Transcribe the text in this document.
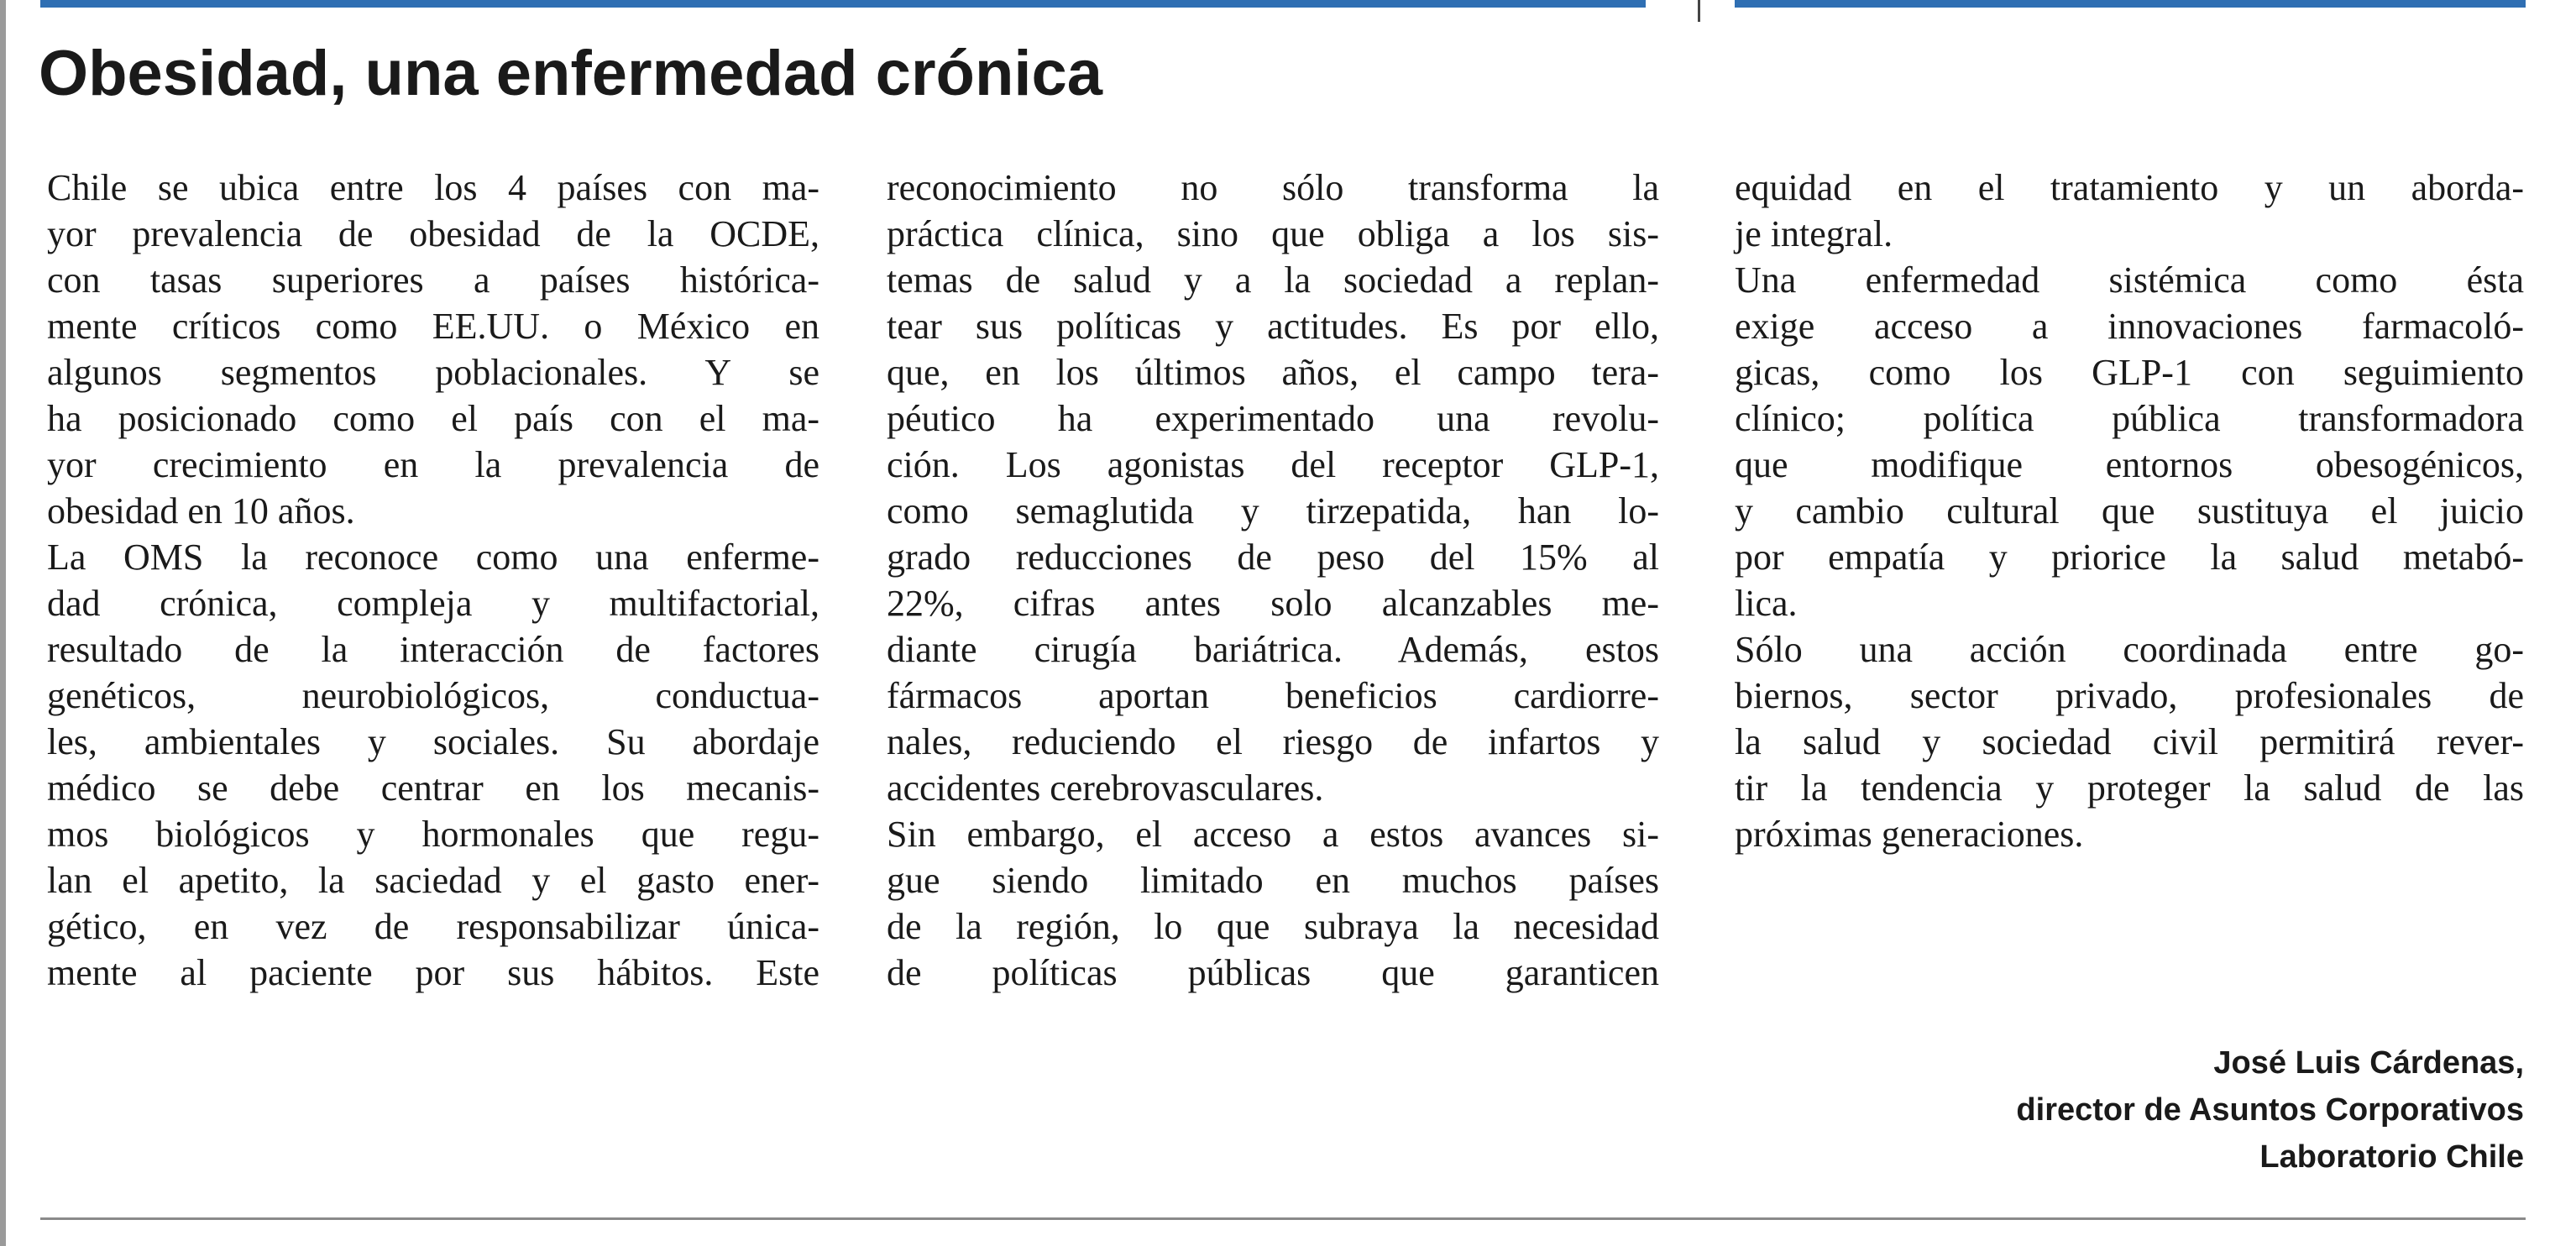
Obesidad, una enfermedad crónica
Chile se ubica entre los 4 países con ma-
yor prevalencia de obesidad de la OCDE,
con tasas superiores a países históricа-
mente críticos como EE.UU. o México en
algunos segmentos poblacionales. Y se
ha posicionado como el país con el ma-
yor crecimiento en la prevalencia de
obesidad en 10 años.
La OMS la reconoce como una enferme-
dad crónica, compleja y multifactorial,
resultado de la interacción de factores
genéticos, neurobiológicos, conductua-
les, ambientales y sociales. Su abordaje
médico se debe centrar en los mecanis-
mos biológicos y hormonales que regu-
lan el apetito, la saciedad y el gasto ener-
gético, en vez de responsabilizar única-
mente al paciente por sus hábitos. Este
reconocimiento no sólo transforma la
práctica clínica, sino que obliga a los sis-
temas de salud y a la sociedad a replan-
tear sus políticas y actitudes. Es por ello,
que, en los últimos años, el campo tera-
péutico ha experimentado una revolu-
ción. Los agonistas del receptor GLP-1,
como semaglutida y tirzepatida, han lo-
grado reducciones de peso del 15% al
22%, cifras antes solo alcanzables me-
diante cirugía bariátrica. Además, estos
fármacos aportan beneficios cardiorre-
nales, reduciendo el riesgo de infartos y
accidentes cerebrovasculares.
Sin embargo, el acceso a estos avances si-
gue siendo limitado en muchos países
de la región, lo que subraya la necesidad
de políticas públicas que garanticen
equidad en el tratamiento y un aborda-
je integral.
Una enfermedad sistémica como ésta
exige acceso a innovaciones farmacoló-
gicas, como los GLP-1 con seguimiento
clínico; política pública transformadora
que modifique entornos obesogénicos,
y cambio cultural que sustituya el juicio
por empatía y priorice la salud metabó-
lica.
Sólo una acción coordinada entre go-
biernos, sector privado, profesionales de
la salud y sociedad civil permitirá rever-
tir la tendencia y proteger la salud de las
próximas generaciones.
José Luis Cárdenas,
director de Asuntos Corporativos
Laboratorio Chile
